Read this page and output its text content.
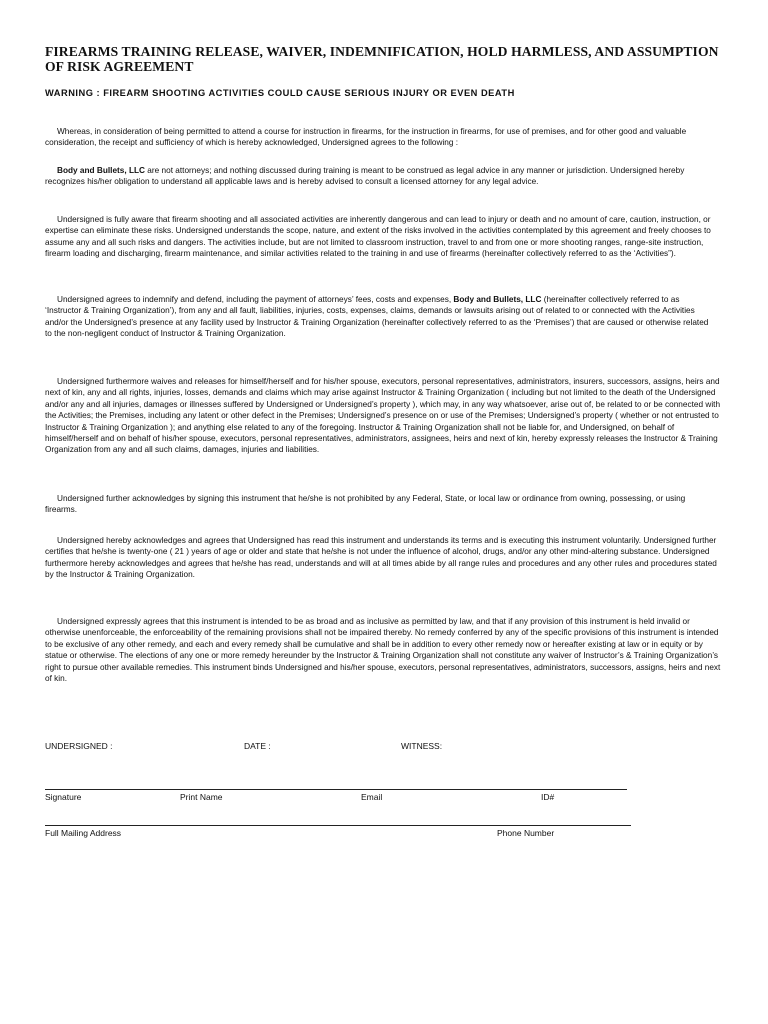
FIREARMS TRAINING RELEASE, WAIVER, INDEMNIFICATION, HOLD HARMLESS, AND ASSUMPTION OF RISK AGREEMENT
WARNING : FIREARM SHOOTING ACTIVITIES COULD CAUSE SERIOUS INJURY OR EVEN DEATH

Whereas, in consideration of being permitted to attend a course for instruction in firearms, for the instruction in firearms, for use of premises, and for other good and valuable consideration, the receipt and sufficiency of which is hereby acknowledged, Undersigned agrees to the following :

Body and Bullets, LLC are not attorneys; and nothing discussed during training is meant to be construed as legal advice in any manner or jurisdiction. Undersigned hereby recognizes his/her obligation to understand all applicable laws and is hereby advised to consult a licensed attorney for any legal advice.

Undersigned is fully aware that firearm shooting and all associated activities are inherently dangerous and can lead to injury or death and no amount of care, caution, instruction, or expertise can eliminate these risks. Undersigned understands the scope, nature, and extent of the risks involved in the activities contemplated by this agreement and freely chooses to assume any and all such risks and dangers. The activities include, but are not limited to classroom instruction, travel to and from one or more shooting ranges, range-site instruction, firearm loading and discharging, firearm maintenance, and similar activities related to the training in and use of firearms (hereinafter collectively referred to as the ‘Activities”).

Undersigned agrees to indemnify and defend, including the payment of attorneys’ fees, costs and expenses, Body and Bullets, LLC (hereinafter collectively referred to as ‘Instructor & Training Organization’), from any and all fault, liabilities, injuries, costs, expenses, claims, demands or lawsuits arising out of related to or connected with the Activities and/or the Undersigned’s presence at any facility used by Instructor & Training Organization (hereinafter collectively referred to as the ‘Premises’) that are caused or otherwise related to the non-negligent conduct of Instructor & Training Organization.

Undersigned furthermore waives and releases for himself/herself and for his/her spouse, executors, personal representatives, administrators, insurers, successors, assigns, heirs and next of kin, any and all rights, injuries, losses, demands and claims which may arise against Instructor & Training Organization ( including but not limited to the death of the Undersigned and/or any and all injuries, damages or illnesses suffered by Undersigned or Undersigned’s property ), which may, in any way whatsoever, arise out of, be related to or be connected with the Activities; the Premises, including any latent or other defect in the Premises; Undersigned’s presence on or use of the Premises; Undersigned’s property ( whether or not entrusted to Instructor & Training Organization ); and anything else related to any of the foregoing. Instructor & Training Organization shall not be liable for, and Undersigned, on behalf of himself/herself and on behalf of his/her spouse, executors, personal representatives, administrators, assignees, heirs and next of kin, hereby expressly releases the Instructor & Training Organization from any and all such claims, damages, injuries and liabilities.

Undersigned further acknowledges by signing this instrument that he/she is not prohibited by any Federal, State, or local law or ordinance from owning, possessing, or using firearms.

Undersigned hereby acknowledges and agrees that Undersigned has read this instrument and understands its terms and is executing this instrument voluntarily. Undersigned further certifies that he/she is twenty-one ( 21 ) years of age or older and state that he/she is not under the influence of alcohol, drugs, and/or any other mind-altering substance. Undersigned furthermore hereby acknowledges and agrees that he/she has read, understands and will at all times abide by all range rules and procedures and any other rules and procedures stated by the Instructor & Training Organization.

Undersigned expressly agrees that this instrument is intended to be as broad and as inclusive as permitted by law, and that if any provision of this instrument is held invalid or otherwise unenforceable, the enforceability of the remaining provisions shall not be impaired thereby. No remedy conferred by any of the specific provisions of this instrument is intended to be exclusive of any other remedy, and each and every remedy shall be cumulative and shall be in addition to every other remedy now or hereafter existing at law or in equity or by statue or otherwise. The elections of any one or more remedy hereunder by the Instructor & Training Organization shall not constitute any waiver of Instructor’s & Training Organization’s right to pursue other available remedies. This instrument binds Undersigned and his/her spouse, executors, personal representatives, administrators, successors, assigns, heirs and next of kin.

UNDERSIGNED :	DATE :	WITNESS:
Signature	Print Name	Email	ID#
Full Mailing Address	Phone Number
